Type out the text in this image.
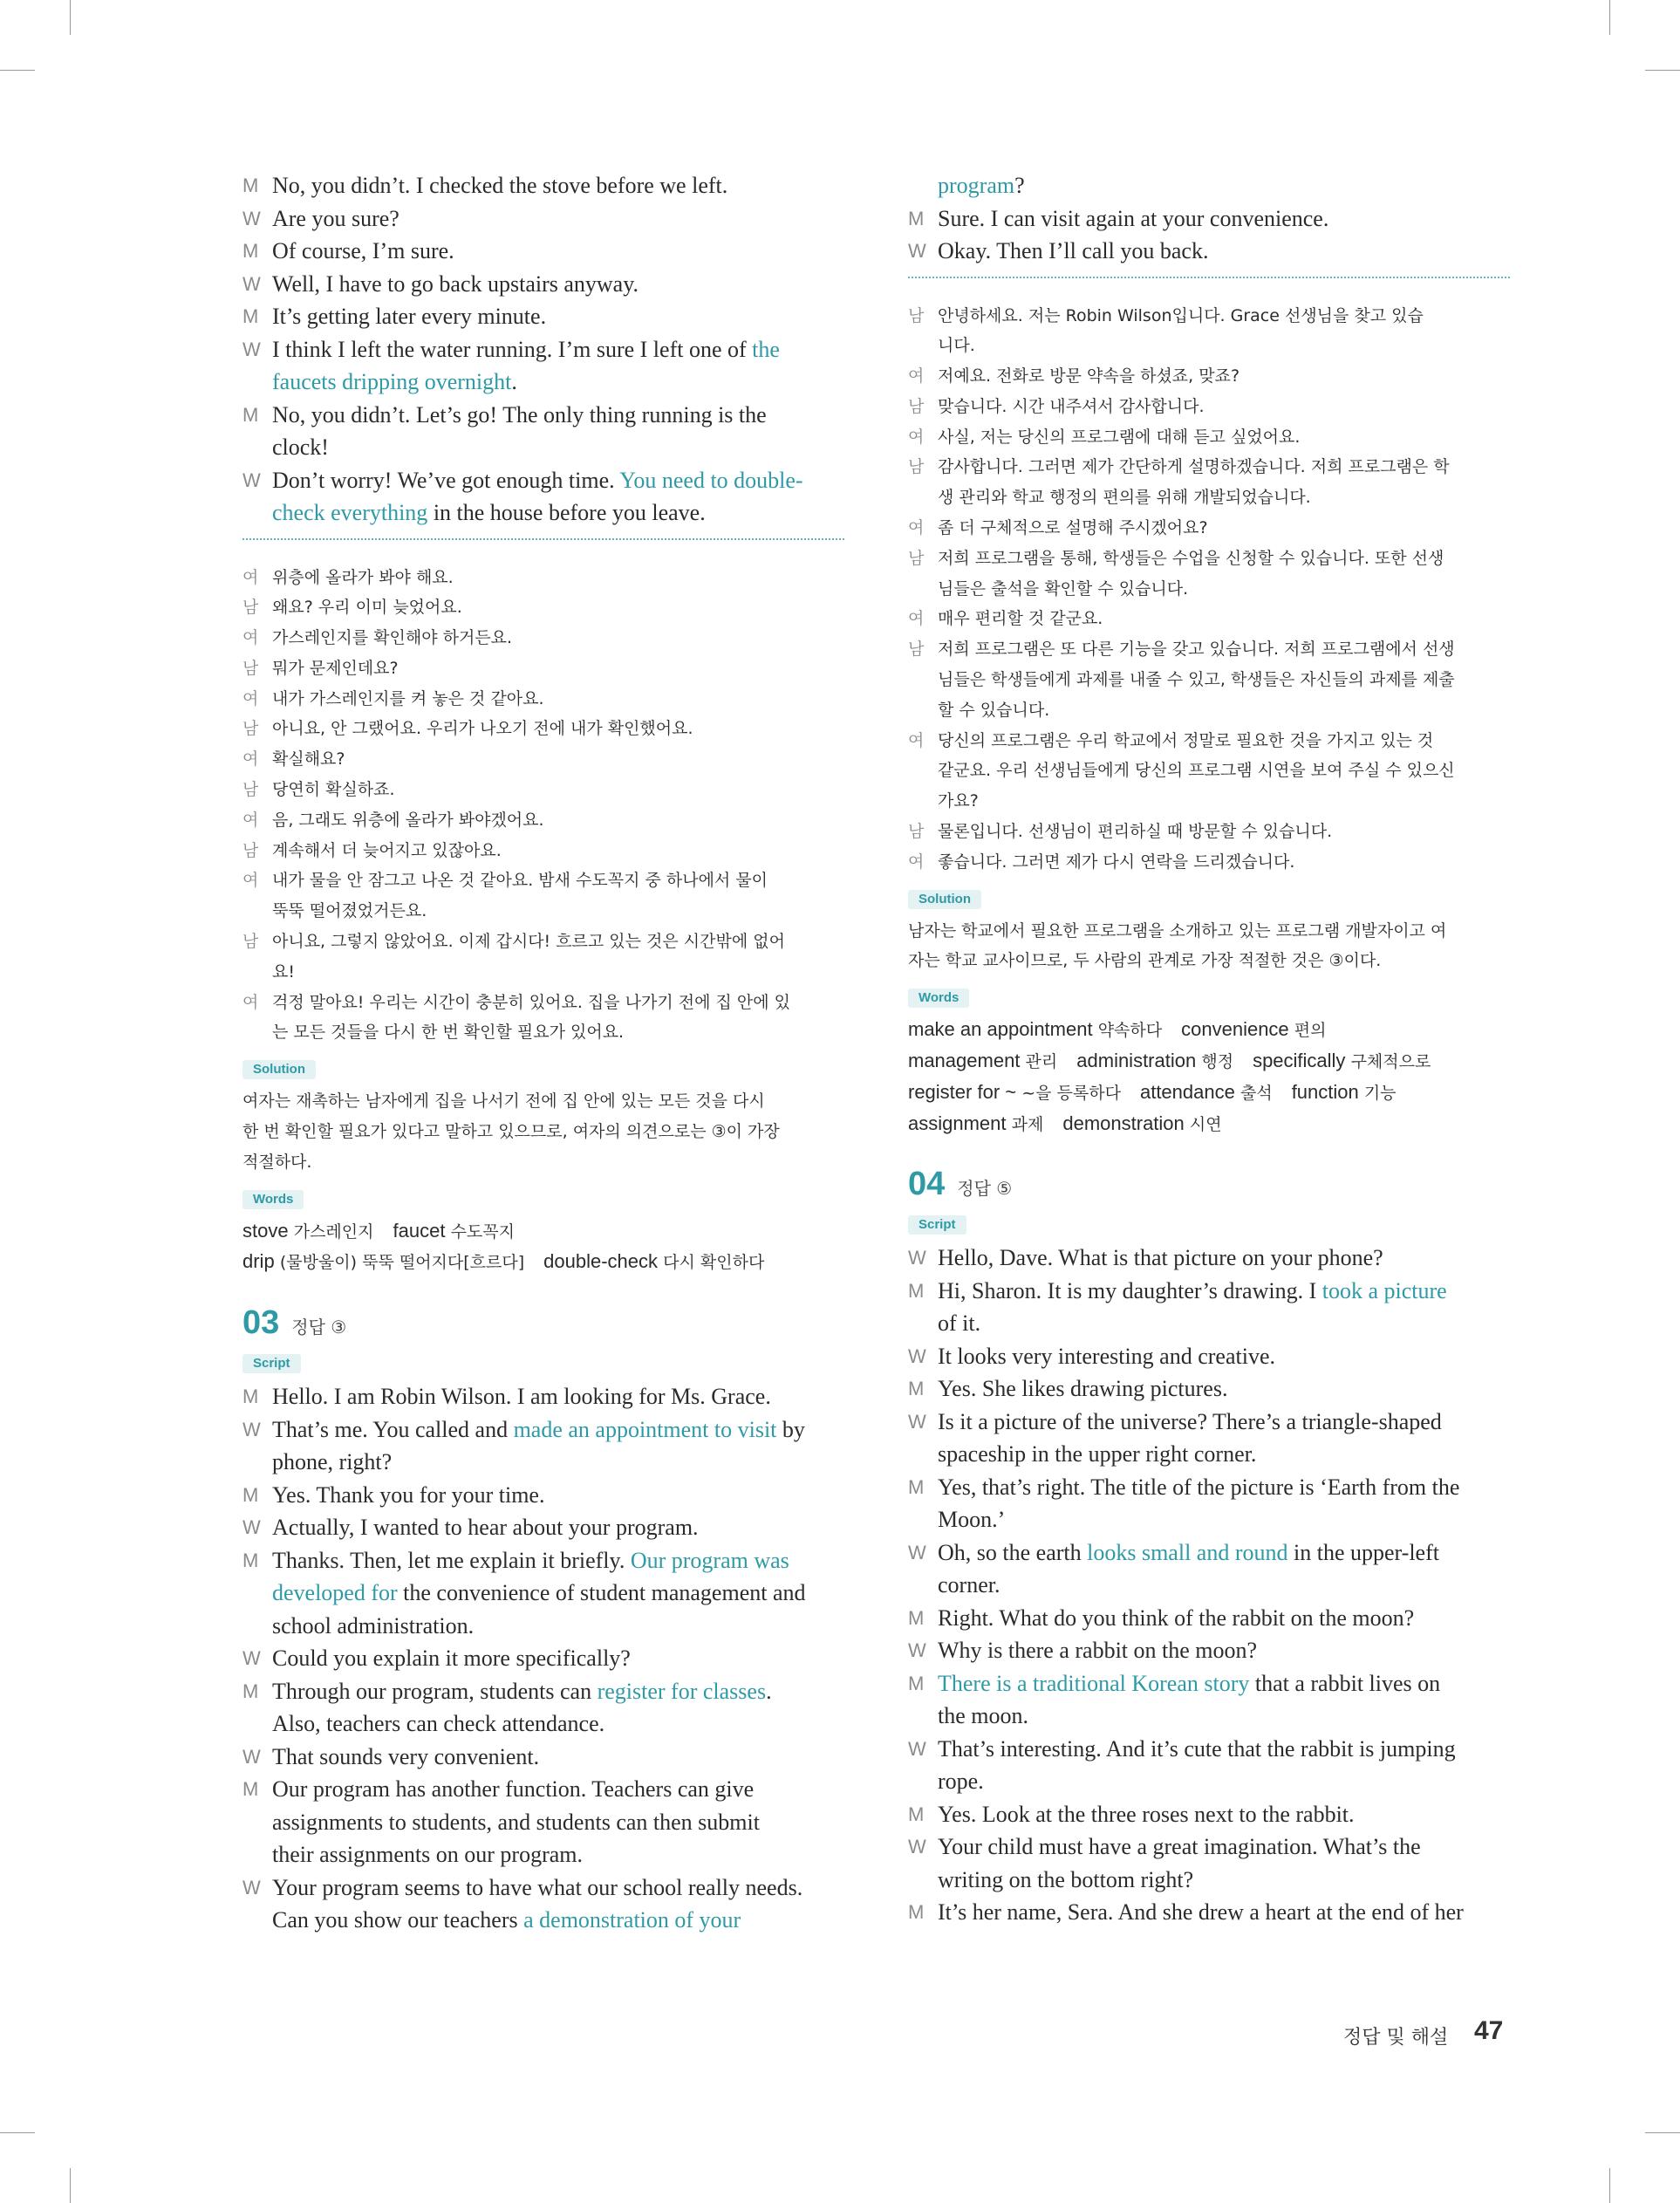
M No, you didn’t. I checked the stove before we left.
W Are you sure?
M Of course, I’m sure.
W Well, I have to go back upstairs anyway.
M It’s getting later every minute.
W I think I left the water running. I’m sure I left one of the
faucets dripping overnight.
M No, you didn’t. Let’s go! The only thing running is the
clock!
W Don’t worry! We’ve got enough time. You need to double-
check everything in the house before you leave.
여 위층에 올라가 봐야 해요.
남 왜요? 우리 이미 늦었어요.
여 가스레인지를 확인해야 하거든요.
남 뭐가 문제인데요?
여 내가 가스레인지를 켜 놓은 것 같아요.
남 아니요, 안 그랬어요. 우리가 나오기 전에 내가 확인했어요.
여 확실해요?
남 당연히 확실하죠.
여 음, 그래도 위층에 올라가 봐야겠어요.
남 계속해서 더 늦어지고 있잖아요.
여 내가 물을 안 잠그고 나온 것 같아요. 밤새 수도꼭지 중 하나에서 물이
뚝뚝 떨어졌었거든요.
남 아니요, 그렇지 않았어요. 이제 갑시다! 흐르고 있는 것은 시간밖에 없어
요!
여 걱정 말아요! 우리는 시간이 충분히 있어요. 집을 나가기 전에 집 안에 있
는 모든 것들을 다시 한 번 확인할 필요가 있어요.
Solution
여자는 재촉하는 남자에게 집을 나서기 전에 집 안에 있는 모든 것을 다시
한 번 확인할 필요가 있다고 말하고 있으므로, 여자의 의견으로는 ③이 가장
적절하다.
Words
stove 가스레인지  faucet 수도꼭지
drip (물방울이) 뚝뚝 떨어지다[흐르다]  double-check 다시 확인하다
03 정답 ③
Script
M Hello. I am Robin Wilson. I am looking for Ms. Grace.
W That’s me. You called and made an appointment to visit by
phone, right?
M Yes. Thank you for your time.
W Actually, I wanted to hear about your program.
M Thanks. Then, let me explain it briefly. Our program was
developed for the convenience of student management and
school administration.
W Could you explain it more specifically?
M Through our program, students can register for classes.
Also, teachers can check attendance.
W That sounds very convenient.
M Our program has another function. Teachers can give
assignments to students, and students can then submit
their assignments on our program.
W Your program seems to have what our school really needs.
Can you show our teachers a demonstration of your
program?
M Sure. I can visit again at your convenience.
W Okay. Then I’ll call you back.
남 안녕하세요. 저는 Robin Wilson입니다. Grace 선생님을 찾고 있습
니다.
여 저예요. 전화로 방문 약속을 하셨죠, 맞죠?
남 맞습니다. 시간 내주셔서 감사합니다.
여 사실, 저는 당신의 프로그램에 대해 듣고 싶었어요.
남 감사합니다. 그러면 제가 간단하게 설명하겠습니다. 저희 프로그램은 학
생 관리와 학교 행정의 편의를 위해 개발되었습니다.
여 좀 더 구체적으로 설명해 주시겠어요?
남 저희 프로그램을 통해, 학생들은 수업을 신청할 수 있습니다. 또한 선생
님들은 출석을 확인할 수 있습니다.
여 매우 편리할 것 같군요.
남 저희 프로그램은 또 다른 기능을 갖고 있습니다. 저희 프로그램에서 선생
님들은 학생들에게 과제를 내줄 수 있고, 학생들은 자신들의 과제를 제출
할 수 있습니다.
여 당신의 프로그램은 우리 학교에서 정말로 필요한 것을 가지고 있는 것
같군요. 우리 선생님들에게 당신의 프로그램 시연을 보여 주실 수 있으신
가요?
남 물론입니다. 선생님이 편리하실 때 방문할 수 있습니다.
여 좋습니다. 그러면 제가 다시 연락을 드리겠습니다.
Solution
남자는 학교에서 필요한 프로그램을 소개하고 있는 프로그램 개발자이고 여
자는 학교 교사이므로, 두 사람의 관계로 가장 적절한 것은 ③이다.
Words
make an appointment 약속하다  convenience 편의
management 관리  administration 행정  specifically 구체적으로
register for ~ ~을 등록하다  attendance 출석  function 기능
assignment 과제  demonstration 시연
04 정답 ⑤
Script
W Hello, Dave. What is that picture on your phone?
M Hi, Sharon. It is my daughter’s drawing. I took a picture
of it.
W It looks very interesting and creative.
M Yes. She likes drawing pictures.
W Is it a picture of the universe? There’s a triangle-shaped
spaceship in the upper right corner.
M Yes, that’s right. The title of the picture is ‘Earth from the
Moon.’
W Oh, so the earth looks small and round in the upper-left
corner.
M Right. What do you think of the rabbit on the moon?
W Why is there a rabbit on the moon?
M There is a traditional Korean story that a rabbit lives on
the moon.
W That’s interesting. And it’s cute that the rabbit is jumping
rope.
M Yes. Look at the three roses next to the rabbit.
W Your child must have a great imagination. What’s the
writing on the bottom right?
M It’s her name, Sera. And she drew a heart at the end of her
정답 및 해설 47
